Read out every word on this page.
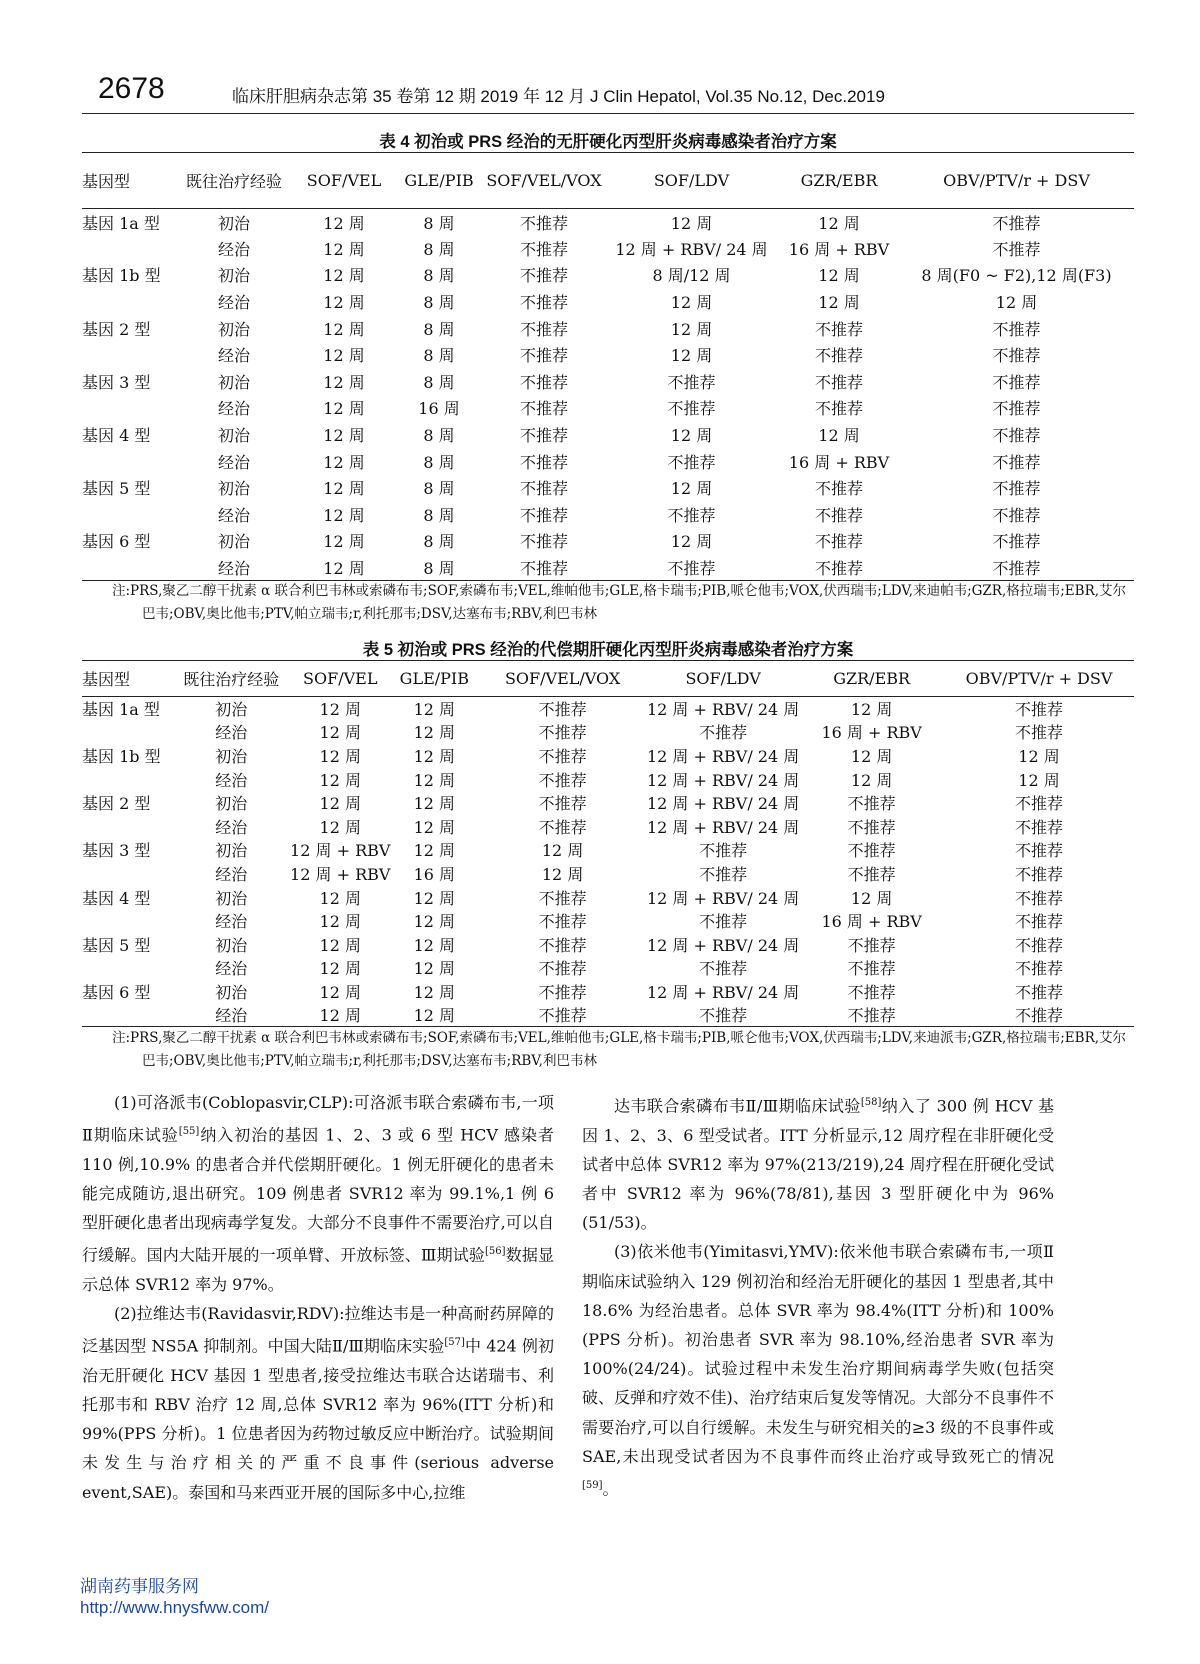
2678	临床肝胆病杂志第 35 卷第 12 期 2019 年 12 月 J Clin Hepatol, Vol.35 No.12, Dec.2019
表 4 初治或 PRS 经治的无肝硬化丙型肝炎病毒感染者治疗方案
基因型	既往治疗经验	SOF/VEL	GLE/PIB	SOF/VEL/VOX	SOF/LDV	GZR/EBR	OBV/PTV/r + DSV
基因 1a 型	初治	12 周	8 周	不推荐	12 周	12 周	不推荐
	经治	12 周	8 周	不推荐	12 周 + RBV/ 24 周	16 周 + RBV	不推荐
基因 1b 型	初治	12 周	8 周	不推荐	8 周/12 周	12 周	8 周(F0 ~ F2),12 周(F3)
	经治	12 周	8 周	不推荐	12 周	12 周	12 周
基因 2 型	初治	12 周	8 周	不推荐	12 周	不推荐	不推荐
	经治	12 周	8 周	不推荐	12 周	不推荐	不推荐
基因 3 型	初治	12 周	8 周	不推荐	不推荐	不推荐	不推荐
	经治	12 周	16 周	不推荐	不推荐	不推荐	不推荐
基因 4 型	初治	12 周	8 周	不推荐	12 周	12 周	不推荐
	经治	12 周	8 周	不推荐	不推荐	16 周 + RBV	不推荐
基因 5 型	初治	12 周	8 周	不推荐	12 周	不推荐	不推荐
	经治	12 周	8 周	不推荐	不推荐	不推荐	不推荐
基因 6 型	初治	12 周	8 周	不推荐	12 周	不推荐	不推荐
	经治	12 周	8 周	不推荐	不推荐	不推荐	不推荐
注:PRS,聚乙二醇干扰素 α 联合利巴韦林或索磷布韦;SOF,索磷布韦;VEL,维帕他韦;GLE,格卡瑞韦;PIB,哌仑他韦;VOX,伏西瑞韦;LDV,来迪帕韦;GZR,格拉瑞韦;EBR,艾尔巴韦;OBV,奥比他韦;PTV,帕立瑞韦;r,利托那韦;DSV,达塞布韦;RBV,利巴韦林
表 5 初治或 PRS 经治的代偿期肝硬化丙型肝炎病毒感染者治疗方案
基因型	既往治疗经验	SOF/VEL	GLE/PIB	SOF/VEL/VOX	SOF/LDV	GZR/EBR	OBV/PTV/r + DSV
基因 1a 型	初治	12 周	12 周	不推荐	12 周 + RBV/ 24 周	12 周	不推荐
	经治	12 周	12 周	不推荐	不推荐	16 周 + RBV	不推荐
基因 1b 型	初治	12 周	12 周	不推荐	12 周 + RBV/ 24 周	12 周	12 周
	经治	12 周	12 周	不推荐	12 周 + RBV/ 24 周	12 周	12 周
基因 2 型	初治	12 周	12 周	不推荐	12 周 + RBV/ 24 周	不推荐	不推荐
	经治	12 周	12 周	不推荐	12 周 + RBV/ 24 周	不推荐	不推荐
基因 3 型	初治	12 周 + RBV	12 周	12 周	不推荐	不推荐	不推荐
	经治	12 周 + RBV	16 周	12 周	不推荐	不推荐	不推荐
基因 4 型	初治	12 周	12 周	不推荐	12 周 + RBV/ 24 周	12 周	不推荐
	经治	12 周	12 周	不推荐	不推荐	16 周 + RBV	不推荐
基因 5 型	初治	12 周	12 周	不推荐	12 周 + RBV/ 24 周	不推荐	不推荐
	经治	12 周	12 周	不推荐	不推荐	不推荐	不推荐
基因 6 型	初治	12 周	12 周	不推荐	12 周 + RBV/ 24 周	不推荐	不推荐
	经治	12 周	12 周	不推荐	不推荐	不推荐	不推荐
注:PRS,聚乙二醇干扰素 α 联合利巴韦林或索磷布韦;SOF,索磷布韦;VEL,维帕他韦;GLE,格卡瑞韦;PIB,哌仑他韦;VOX,伏西瑞韦;LDV,来迪派韦;GZR,格拉瑞韦;EBR,艾尔巴韦;OBV,奥比他韦;PTV,帕立瑞韦;r,利托那韦;DSV,达塞布韦;RBV,利巴韦林

(1)可洛派韦(Coblopasvir,CLP):可洛派韦联合索磷布韦,一项Ⅱ期临床试验[55]纳入初治的基因 1、2、3 或 6 型 HCV 感染者 110 例,10.9% 的患者合并代偿期肝硬化。1 例无肝硬化的患者未能完成随访,退出研究。109 例患者 SVR12 率为 99.1%,1 例 6 型肝硬化患者出现病毒学复发。大部分不良事件不需要治疗,可以自行缓解。国内大陆开展的一项单臂、开放标签、Ⅲ期试验[56]数据显示总体 SVR12 率为 97%。

(2)拉维达韦(Ravidasvir,RDV):拉维达韦是一种高耐药屏障的泛基因型 NS5A 抑制剂。中国大陆Ⅱ/Ⅲ期临床实验[57]中 424 例初治无肝硬化 HCV 基因 1 型患者,接受拉维达韦联合达诺瑞韦、利托那韦和 RBV 治疗 12 周,总体 SVR12 率为 96%(ITT 分析)和 99%(PPS 分析)。1 位患者因为药物过敏反应中断治疗。试验期间未发生与治疗相关的严重不良事件(serious adverse event,SAE)。泰国和马来西亚开展的国际多中心,拉维

达韦联合索磷布韦Ⅱ/Ⅲ期临床试验[58]纳入了 300 例 HCV 基因 1、2、3、6 型受试者。ITT 分析显示,12 周疗程在非肝硬化受试者中总体 SVR12 率为 97%(213/219),24 周疗程在肝硬化受试者中 SVR12 率为 96%(78/81),基因 3 型肝硬化中为 96%(51/53)。

(3)依米他韦(Yimitasvi,YMV):依米他韦联合索磷布韦,一项Ⅱ期临床试验纳入 129 例初治和经治无肝硬化的基因 1 型患者,其中 18.6% 为经治患者。总体 SVR 率为 98.4%(ITT 分析)和 100%(PPS 分析)。初治患者 SVR 率为 98.10%,经治患者 SVR 率为 100%(24/24)。试验过程中未发生治疗期间病毒学失败(包括突破、反弹和疗效不佳)、治疗结束后复发等情况。大部分不良事件不需要治疗,可以自行缓解。未发生与研究相关的≥3 级的不良事件或 SAE,未出现受试者因为不良事件而终止治疗或导致死亡的情况[59]。

湖南药事服务网
http://www.hnysfww.com/
